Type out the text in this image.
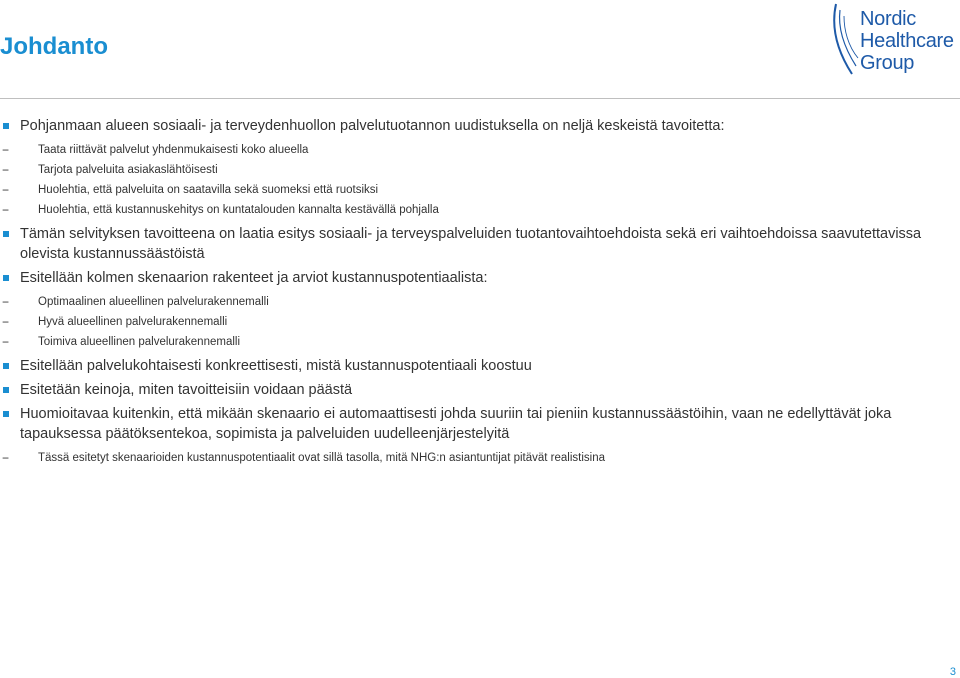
Johdanto
Nordic
Healthcare
Group
Pohjanmaan alueen sosiaali- ja terveydenhuollon palvelutuotannon uudistuksella on neljä keskeistä tavoitetta:
−	Taata riittävät palvelut yhdenmukaisesti koko alueella
−	Tarjota palveluita asiakaslähtöisesti
−	Huolehtia, että palveluita on saatavilla sekä suomeksi että ruotsiksi
−	Huolehtia, että kustannuskehitys on kuntatalouden kannalta kestävällä pohjalla
Tämän selvityksen tavoitteena on laatia esitys sosiaali- ja terveyspalveluiden tuotantovaihtoehdoista sekä eri vaihtoehdoissa saavutettavissa olevista kustannussäästöistä
Esitellään kolmen skenaarion rakenteet ja arviot kustannuspotentiaalista:
−	Optimaalinen alueellinen palvelurakennemalli
−	Hyvä alueellinen palvelurakennemalli
−	Toimiva alueellinen palvelurakennemalli
Esitellään palvelukohtaisesti konkreettisesti, mistä kustannuspotentiaali koostuu
Esitetään keinoja, miten tavoitteisiin voidaan päästä
Huomioitavaa kuitenkin, että mikään skenaario ei automaattisesti johda suuriin tai pieniin kustannussäästöihin, vaan ne edellyttävät joka tapauksessa päätöksentekoa, sopimista ja palveluiden uudelleenjärjestelyitä
−	Tässä esitetyt skenaarioiden kustannuspotentiaalit ovat sillä tasolla, mitä NHG:n asiantuntijat pitävät realistisina
3
